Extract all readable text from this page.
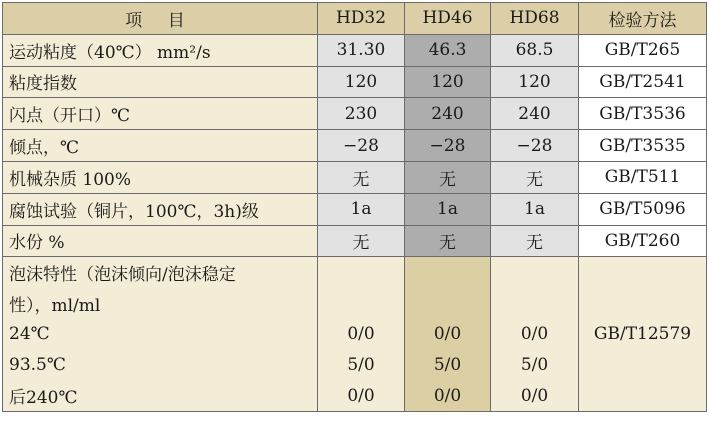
项 目	HD32	HD46	HD68	检验方法
运动粘度（40℃） mm²/s	31.30	46.3	68.5	GB/T265
粘度指数	120	120	120	GB/T2541
闪点（开口）℃	230	240	240	GB/T3536
倾点，℃	−28	−28	−28	GB/T3535
机械杂质 100%	无	无	无	GB/T511
腐蚀试验（铜片，100℃，3h)级	1a	1a	1a	GB/T5096
水份 %	无	无	无	GB/T260
泡沫特性（泡沫倾向/泡沫稳定				GB/T12579
性），ml/ml				
24℃	0/0	0/0	0/0	
93.5℃	5/0	5/0	5/0	
后240℃	0/0	0/0	0/0	
